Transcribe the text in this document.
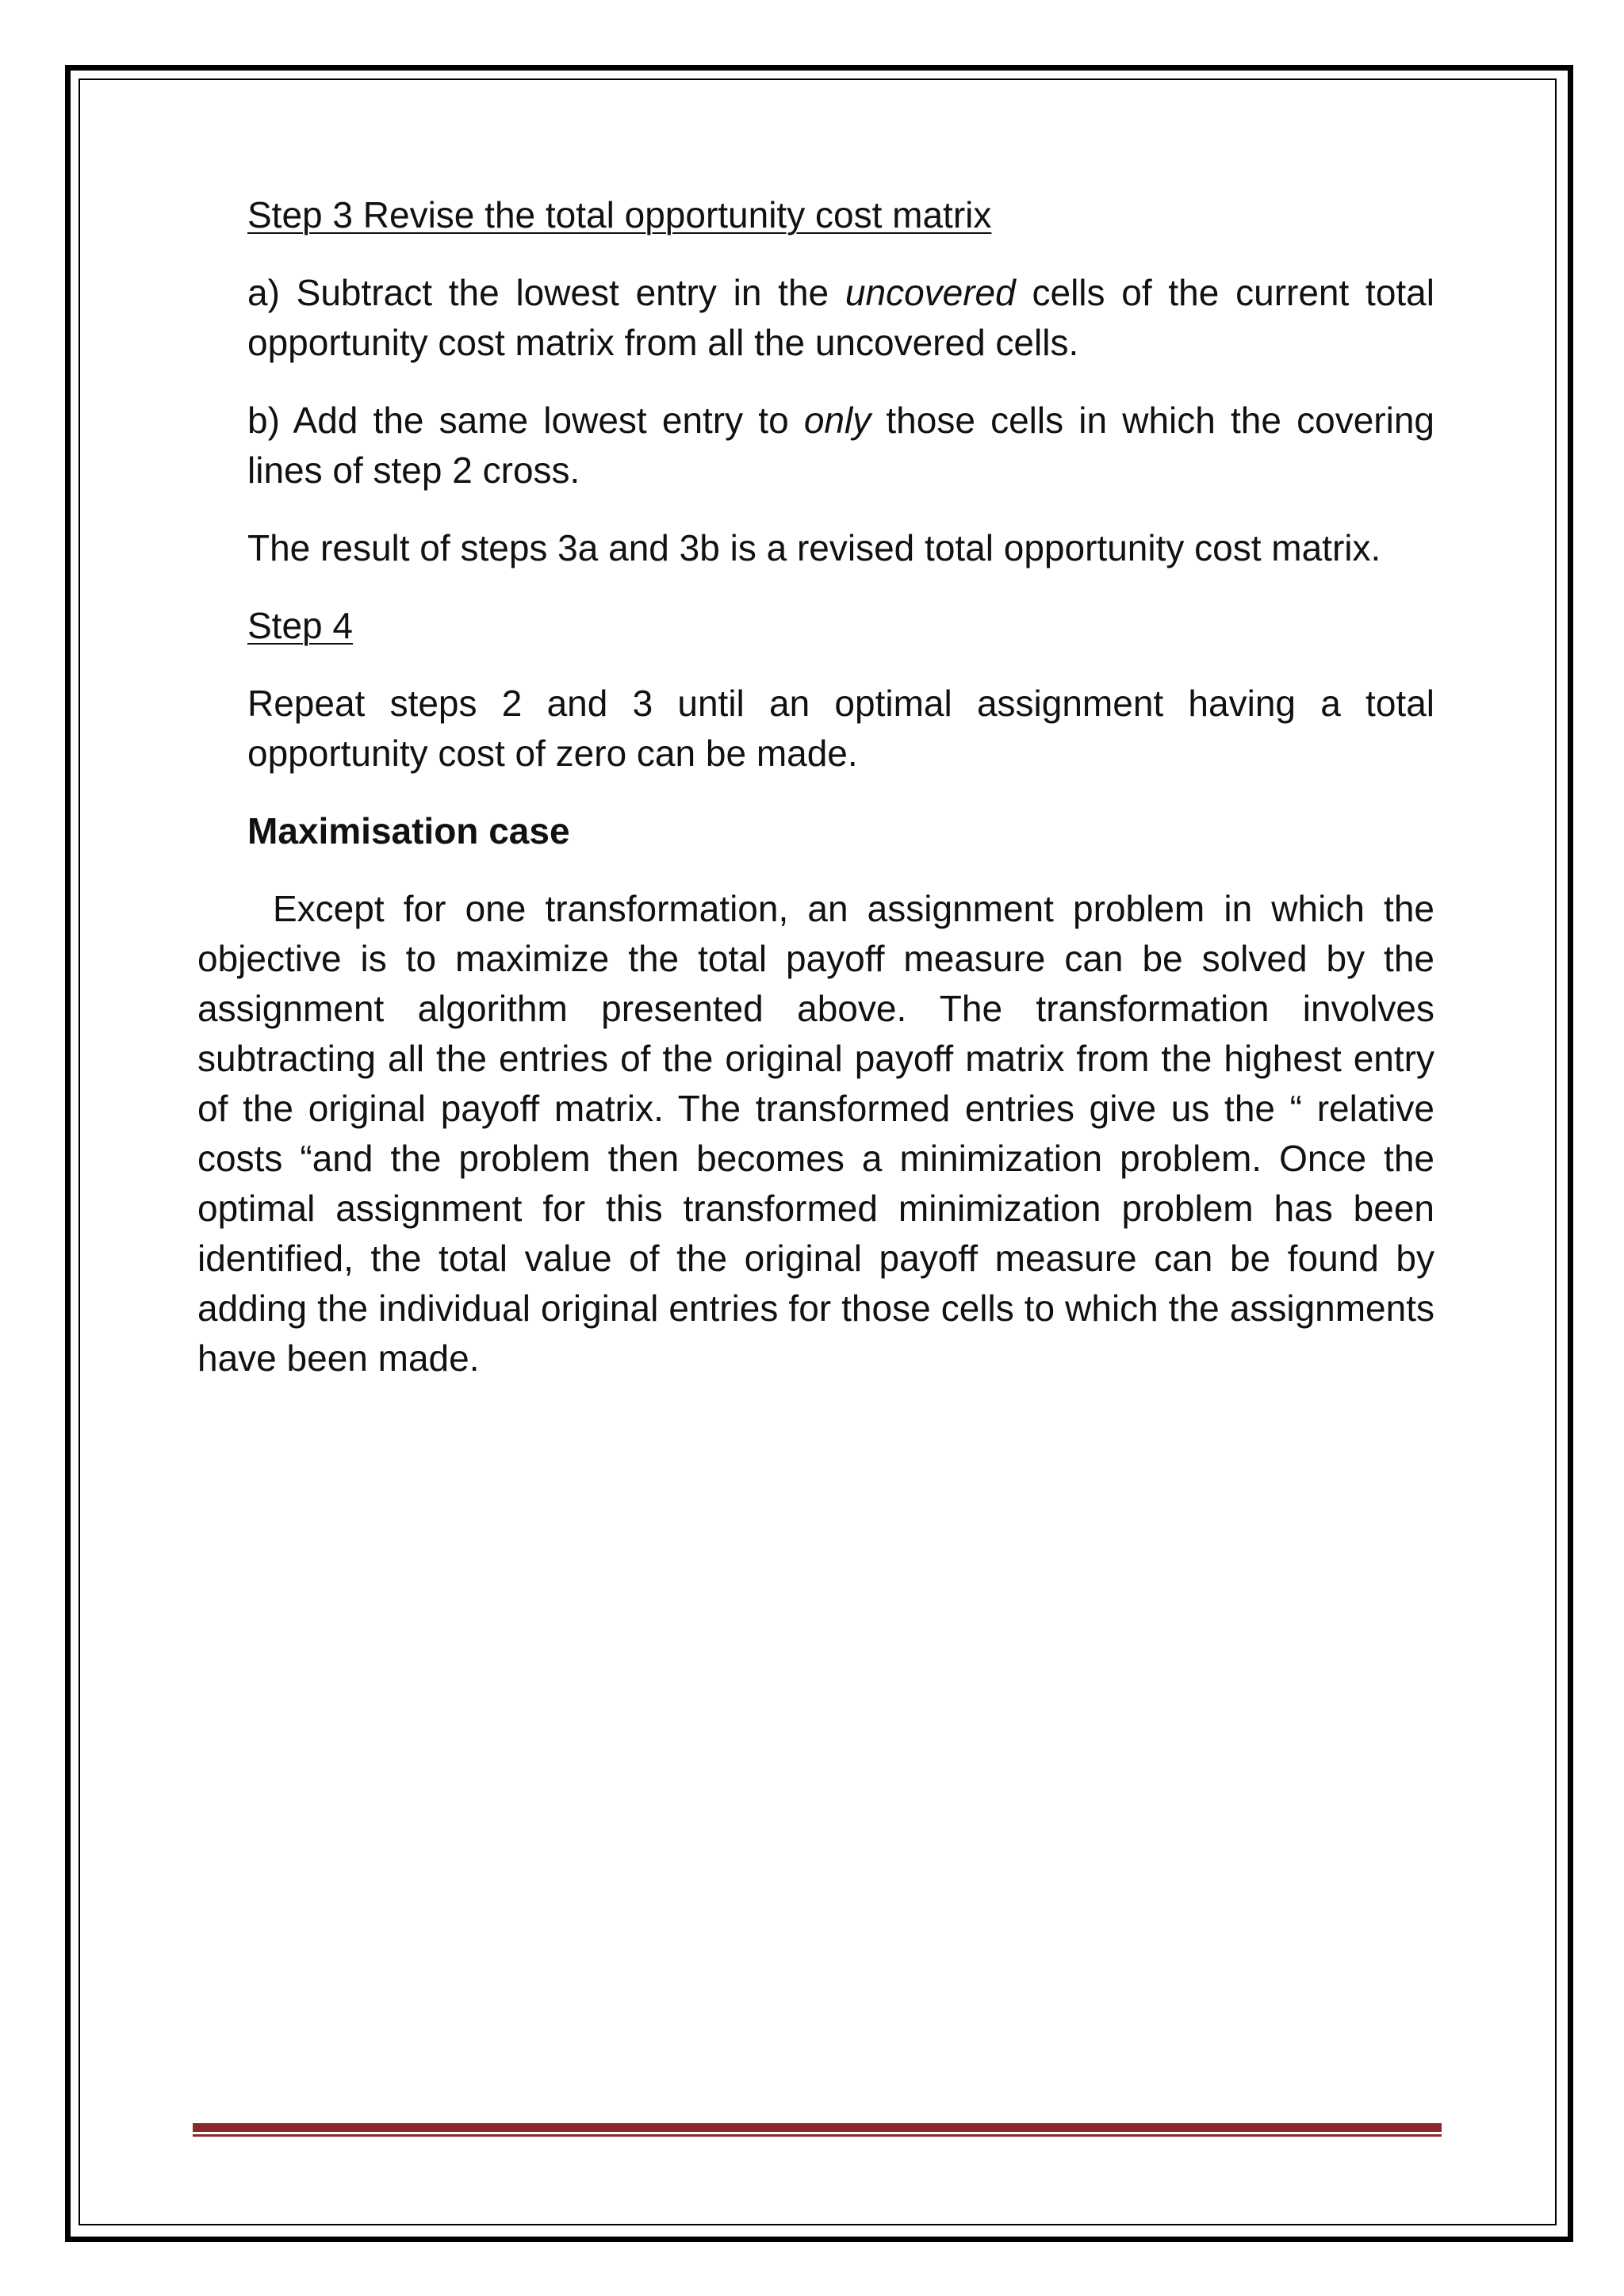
Step 3 Revise the total opportunity cost matrix

a) Subtract the lowest entry in the uncovered cells of the current total opportunity cost matrix from all the uncovered cells.

b) Add the same lowest entry to only those cells in which the covering lines of step 2 cross.

The result of steps 3a and 3b is a revised total opportunity cost matrix.

Step 4

Repeat steps 2 and 3 until an optimal assignment having a total opportunity cost of zero can be made.

Maximisation case

Except for one transformation, an assignment problem in which the objective is to maximize the total payoff measure can be solved by the assignment algorithm presented above. The transformation involves subtracting all the entries of the original payoff matrix from the highest entry of the original payoff matrix. The transformed entries give us the “ relative costs “and the problem then becomes a minimization problem. Once the optimal assignment for this transformed minimization problem has been identified, the total value of the original payoff measure can be found by adding the individual original entries for those cells to which the assignments have been made.
